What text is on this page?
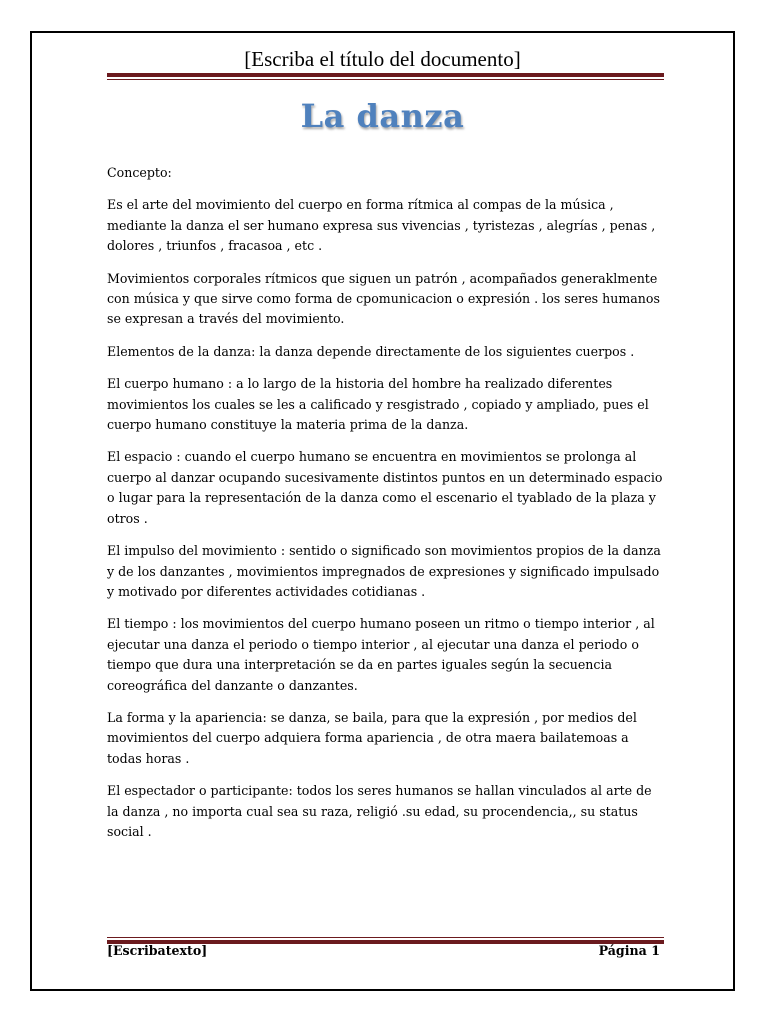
[Escriba el título del documento]
La danza

Concepto:

Es el arte del movimiento del cuerpo en forma rítmica al compas de la música , mediante la danza el ser humano expresa sus vivencias , tyristezas , alegrías , penas , dolores , triunfos , fracasoa , etc .

Movimientos corporales rítmicos que siguen un patrón , acompañados generaklmente con música y que sirve como forma de cpomunicacion o expresión . los seres humanos se expresan a través del movimiento.

Elementos de la danza: la danza depende directamente de los siguientes cuerpos .

El cuerpo humano : a lo largo de la historia del hombre ha realizado diferentes movimientos los cuales se les a calificado y resgistrado , copiado y ampliado, pues el cuerpo humano constituye la materia prima de la danza.

El espacio : cuando el cuerpo humano se encuentra en movimientos se prolonga al cuerpo al danzar ocupando sucesivamente distintos puntos en un determinado espacio o lugar para la representación de la danza como el escenario el tyablado de la plaza y otros .

El impulso del movimiento : sentido o significado son movimientos propios de la danza y de los danzantes , movimientos impregnados de expresiones y significado impulsado y motivado por diferentes actividades cotidianas .

El tiempo : los movimientos del cuerpo humano poseen un ritmo o tiempo interior , al ejecutar una danza el periodo o tiempo interior , al ejecutar una danza el periodo o tiempo que dura una interpretación se da en partes iguales según la secuencia coreográfica del danzante o danzantes.

La forma y la apariencia: se danza, se baila, para que la expresión , por medios del movimientos del cuerpo adquiera forma apariencia , de otra maera bailatemoas a todas horas .

El espectador o participante: todos los seres humanos se hallan vinculados al arte de la danza , no importa cual sea su raza, religió .su edad, su procendencia,, su status social .

[Escribatexto]	Página 1
